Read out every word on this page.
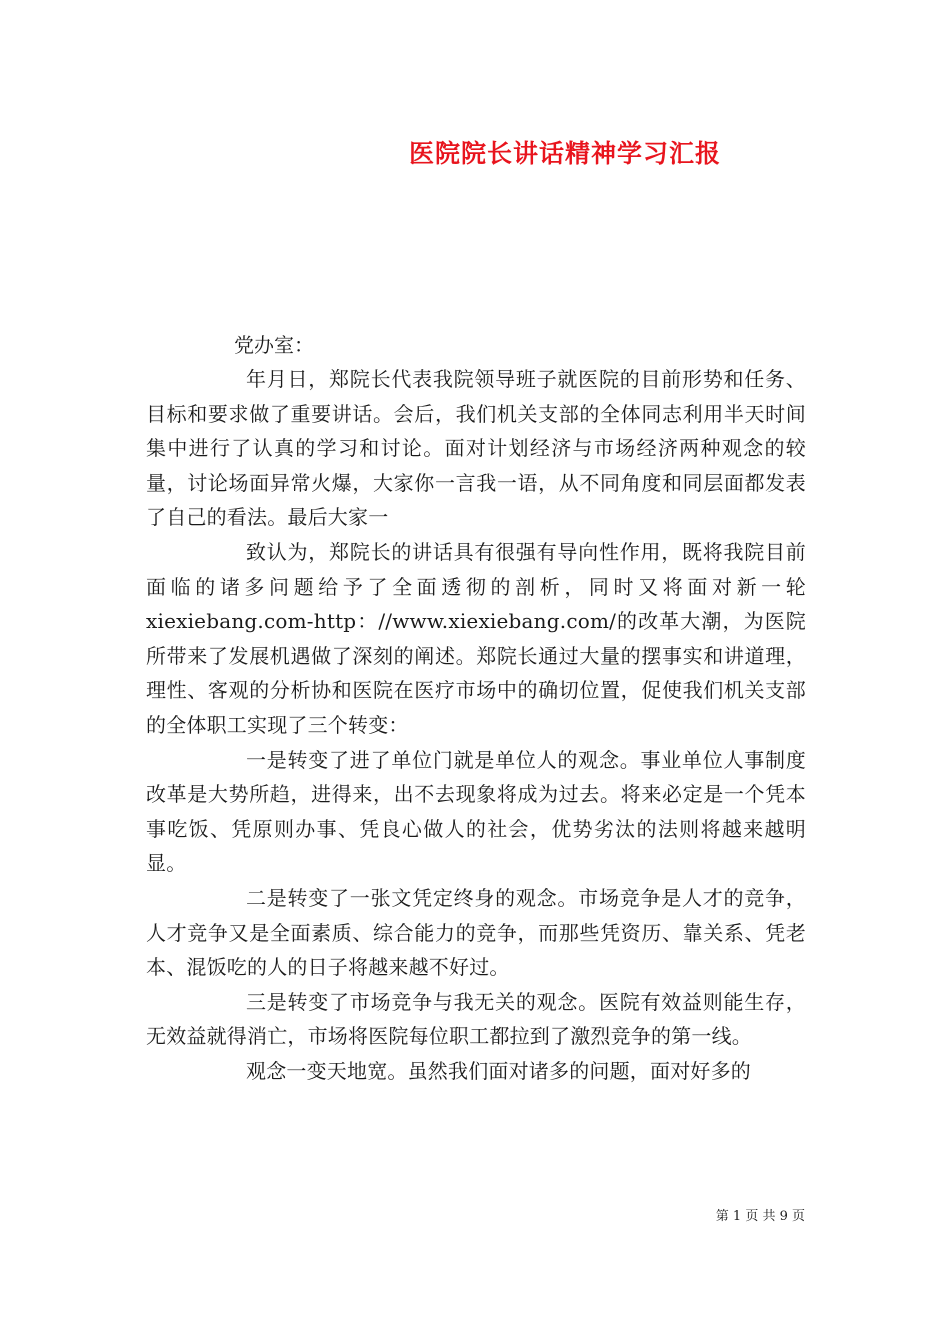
医院院长讲话精神学习汇报

党办室：

年月日，郑院长代表我院领导班子就医院的目前形势和任务、目标和要求做了重要讲话。会后，我们机关支部的全体同志利用半天时间集中进行了认真的学习和讨论。面对计划经济与市场经济两种观念的较量，讨论场面异常火爆，大家你一言我一语，从不同角度和同层面都发表了自己的看法。最后大家一

致认为，郑院长的讲话具有很强有导向性作用，既将我院目前面临的诸多问题给予了全面透彻的剖析，同时又将面对新一轮xiexiebang.com-http：//www.xiexiebang.com/的改革大潮，为医院所带来了发展机遇做了深刻的阐述。郑院长通过大量的摆事实和讲道理，理性、客观的分析协和医院在医疗市场中的确切位置，促使我们机关支部的全体职工实现了三个转变：

一是转变了进了单位门就是单位人的观念。事业单位人事制度改革是大势所趋，进得来，出不去现象将成为过去。将来必定是一个凭本事吃饭、凭原则办事、凭良心做人的社会，优势劣汰的法则将越来越明显。

二是转变了一张文凭定终身的观念。市场竞争是人才的竞争，人才竞争又是全面素质、综合能力的竞争，而那些凭资历、靠关系、凭老本、混饭吃的人的日子将越来越不好过。

三是转变了市场竞争与我无关的观念。医院有效益则能生存，无效益就得消亡，市场将医院每位职工都拉到了激烈竞争的第一线。

观念一变天地宽。虽然我们面对诸多的问题，面对好多的

第 1 页 共 9 页
